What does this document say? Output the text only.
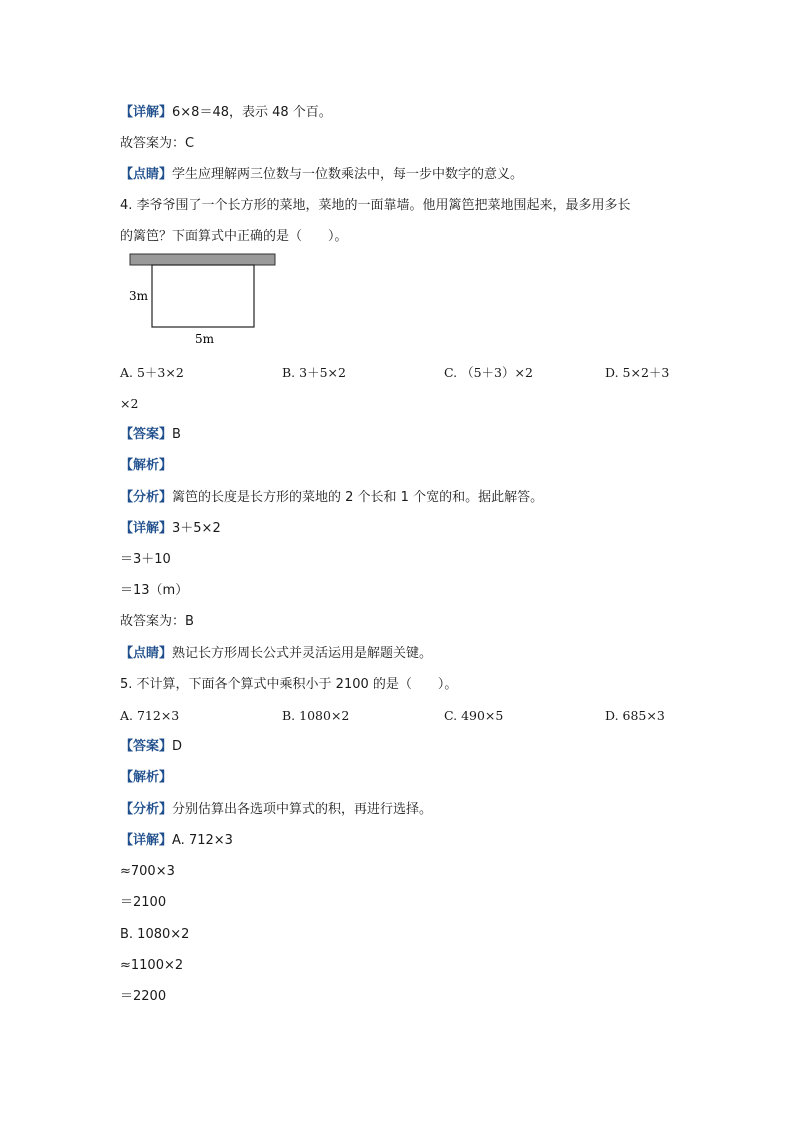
【详解】6×8＝48，表示 48 个百。
故答案为：C
【点睛】学生应理解两三位数与一位数乘法中，每一步中数字的意义。
4. 李爷爷围了一个长方形的菜地，菜地的一面靠墙。他用篱笆把菜地围起来，最多用多长
的篱笆？下面算式中正确的是（　　）。
3m
5m
A. 5＋3×2	B. 3＋5×2	C. （5＋3）×2	D. 5×2＋3
×2
【答案】B
【解析】
【分析】篱笆的长度是长方形的菜地的 2 个长和 1 个宽的和。据此解答。
【详解】3＋5×2
＝3＋10
＝13（m）
故答案为：B
【点睛】熟记长方形周长公式并灵活运用是解题关键。
5. 不计算，下面各个算式中乘积小于 2100 的是（　　）。
A. 712×3	B. 1080×2	C. 490×5	D. 685×3
【答案】D
【解析】
【分析】分别估算出各选项中算式的积，再进行选择。
【详解】A. 712×3
≈700×3
＝2100
B. 1080×2
≈1100×2
＝2200
